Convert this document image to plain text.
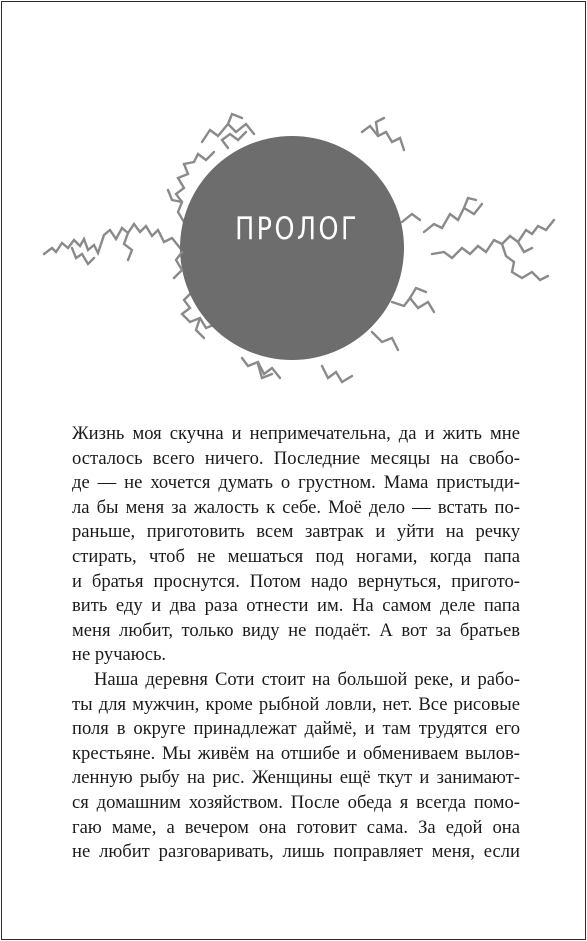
ПРОЛОГ
Жизнь моя скучна и непримечательна, да и жить мне
осталось всего ничего. Последние месяцы на свобо-
де — не хочется думать о грустном. Мама пристыди-
ла бы меня за жалость к себе. Моё дело — встать по-
раньше, приготовить всем завтрак и уйти на речку
стирать, чтоб не мешаться под ногами, когда папа
и братья проснутся. Потом надо вернуться, пригото-
вить еду и два раза отнести им. На самом деле папа
меня любит, только виду не подаёт. А вот за братьев
не ручаюсь.
Наша деревня Соти стоит на большой реке, и рабо-
ты для мужчин, кроме рыбной ловли, нет. Все рисовые
поля в округе принадлежат даймё, и там трудятся его
крестьяне. Мы живём на отшибе и обмениваем вылов-
ленную рыбу на рис. Женщины ещё ткут и занимают-
ся домашним хозяйством. После обеда я всегда помо-
гаю маме, а вечером она готовит сама. За едой она
не любит разговаривать, лишь поправляет меня, если
